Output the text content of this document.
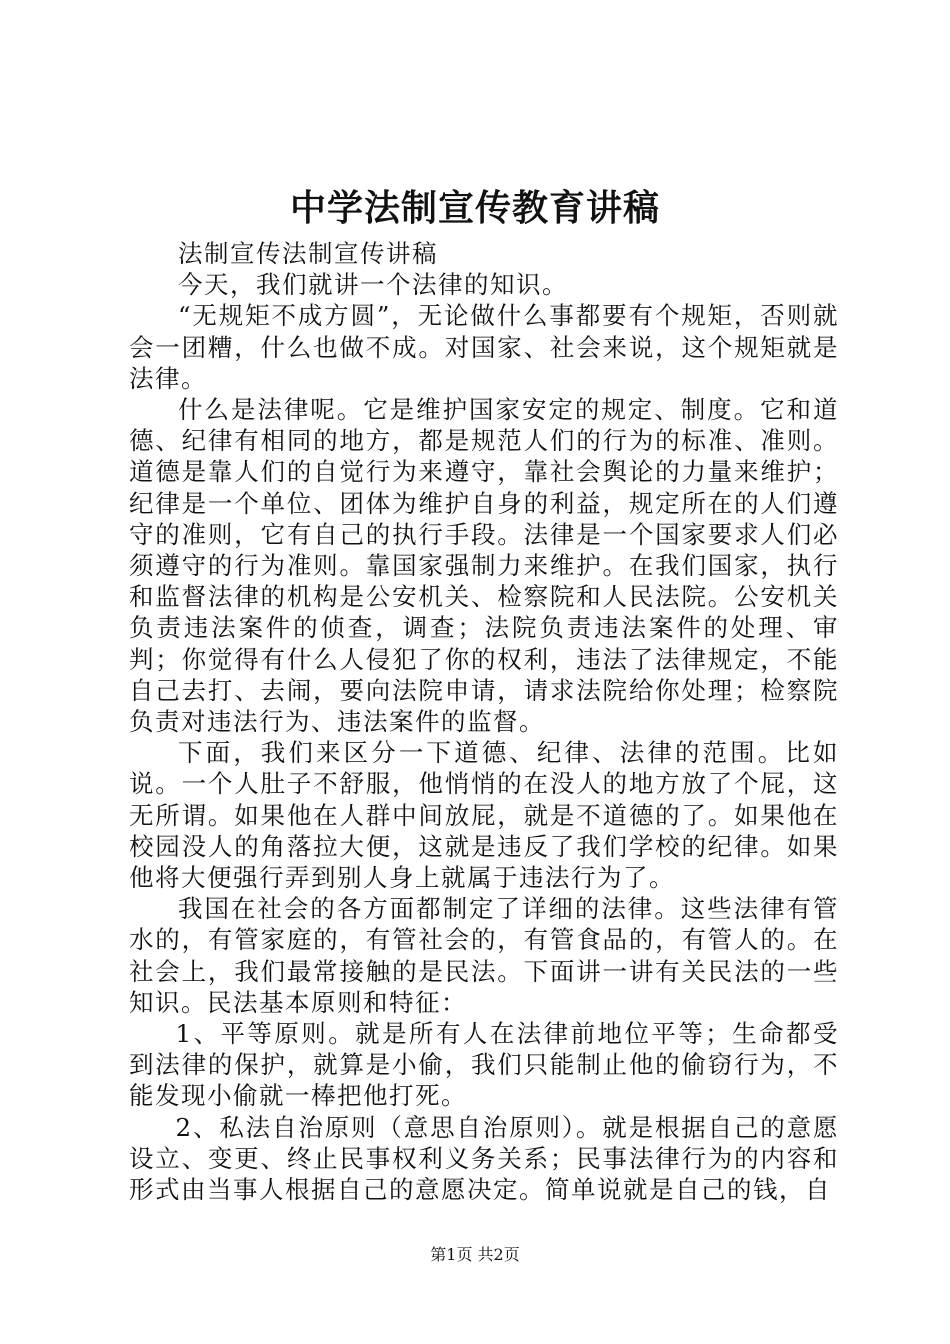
中学法制宣传教育讲稿

法制宣传法制宣传讲稿

今天，我们就讲一个法律的知识。

“无规矩不成方圆”，无论做什么事都要有个规矩，否则就会一团糟，什么也做不成。对国家、社会来说，这个规矩就是法律。

什么是法律呢。它是维护国家安定的规定、制度。它和道德、纪律有相同的地方，都是规范人们的行为的标准、准则。道德是靠人们的自觉行为来遵守，靠社会舆论的力量来维护；纪律是一个单位、团体为维护自身的利益，规定所在的人们遵守的准则，它有自己的执行手段。法律是一个国家要求人们必须遵守的行为准则。靠国家强制力来维护。在我们国家，执行和监督法律的机构是公安机关、检察院和人民法院。公安机关负责违法案件的侦查，调查；法院负责违法案件的处理、审判；你觉得有什么人侵犯了你的权利，违法了法律规定，不能自己去打、去闹，要向法院申请，请求法院给你处理；检察院负责对违法行为、违法案件的监督。

下面，我们来区分一下道德、纪律、法律的范围。比如说。一个人肚子不舒服，他悄悄的在没人的地方放了个屁，这无所谓。如果他在人群中间放屁，就是不道德的了。如果他在校园没人的角落拉大便，这就是违反了我们学校的纪律。如果他将大便强行弄到别人身上就属于违法行为了。

我国在社会的各方面都制定了详细的法律。这些法律有管水的，有管家庭的，有管社会的，有管食品的，有管人的。在社会上，我们最常接触的是民法。下面讲一讲有关民法的一些知识。民法基本原则和特征：

1、平等原则。就是所有人在法律前地位平等；生命都受到法律的保护，就算是小偷，我们只能制止他的偷窃行为，不能发现小偷就一棒把他打死。

2、私法自治原则（意思自治原则）。就是根据自己的意愿设立、变更、终止民事权利义务关系；民事法律行为的内容和形式由当事人根据自己的意愿决定。简单说就是自己的钱，自

第1页 共2页
